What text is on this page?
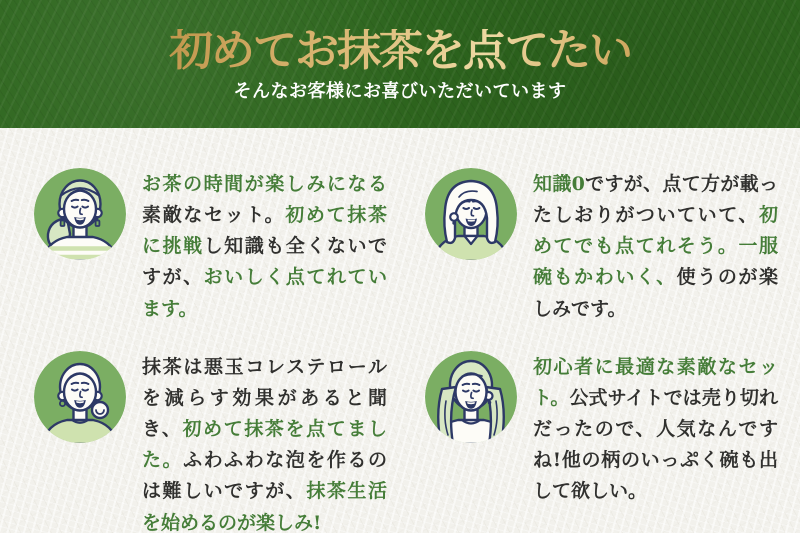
初めてお抹茶を点てたい
そんなお客様にお喜びいただいています

お茶の時間が楽しみになる素敵なセット。初めて抹茶に挑戦し知識も全くないですが、おいしく点てれています。

知識0ですが、点て方が載ったしおりがついていて、初めてでも点てれそう。一服碗もかわいく、使うのが楽しみです。

抹茶は悪玉コレステロールを減らす効果があると聞き、初めて抹茶を点てました。ふわふわな泡を作るのは難しいですが、抹茶生活を始めるのが楽しみ!

初心者に最適な素敵なセット。公式サイトでは売り切れだったので、人気なんですね!他の柄のいっぷく碗も出して欲しい。
